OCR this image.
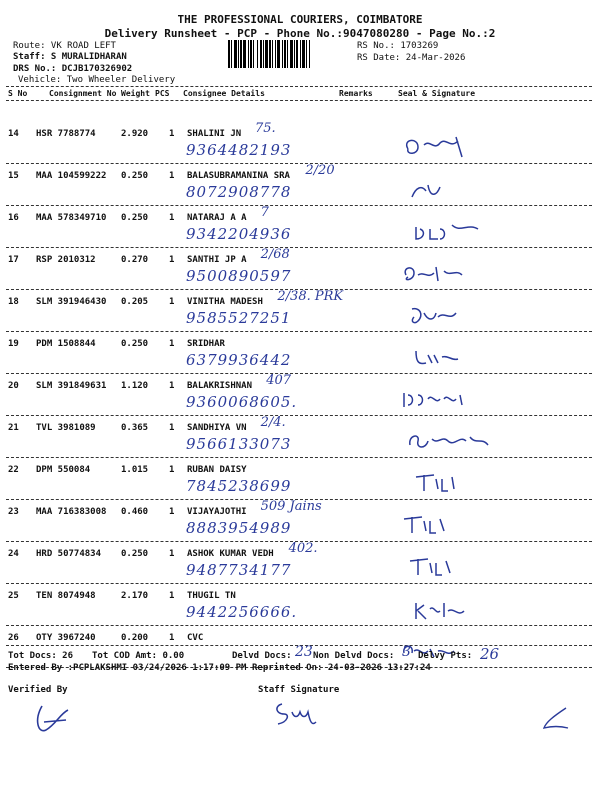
THE PROFESSIONAL COURIERS, COIMBATORE
Delivery Runsheet - PCP - Phone No.:9047080280 - Page No.:2
Route: VK ROAD LEFT
Staff: S MURALIDHARAN
DRS No.: DCJB170326902
Vehicle: Two Wheeler Delivery
RS No.: 1703269
RS Date: 24-Mar-2026
S No	Consignment No Weight PCS Consignee Details	Remarks	Seal & Signature
14 HSR 7788774	2.920 1 SHALINI JN 75.
9364482193
15 MAA 104599222 0.250 1 BALASUBRAMANINA SRA 2/20
8072908778
16 MAA 578349710 0.250 1 NATARAJ A A 7
9342204936
17 RSP 2010312	0.270 1 SANTHI JP A 2/68
9500890597
18 SLM 391946430 0.205 1 VINITHA MADESH 2/38. PRK
9585527251
19 PDM 1508844	0.250 1 SRIDHAR
6379936442
20 SLM 391849631 1.120 1 BALAKRISHNAN 407
9360068605.
21 TVL 3981089	0.365 1 SANDHIYA VN 2/4.
9566133073
22 DPM 550084	1.015 1 RUBAN DAISY
7845238699
23 MAA 716383008 0.460 1 VIJAYAJOTHI 509 Jains
8883954989
24 HRD 50774834 0.250 1 ASHOK KUMAR VEDH 402.
9487734177
25 TEN 8074948	2.170 1 THUGIL TN
9442256666.
26 OTY 3967240	0.200 1 CVC
Tot Docs: 26 Tot COD Amt: 0.00	Delvd Docs: 23 Non Delvd Docs: 3 Delvy Pts: 26
Entered By :PCPLAKSHMI 03/24/2026 1:17:09 PM Reprinted On: 24-03-2026 13:27:24
Verified By	Staff Signature
